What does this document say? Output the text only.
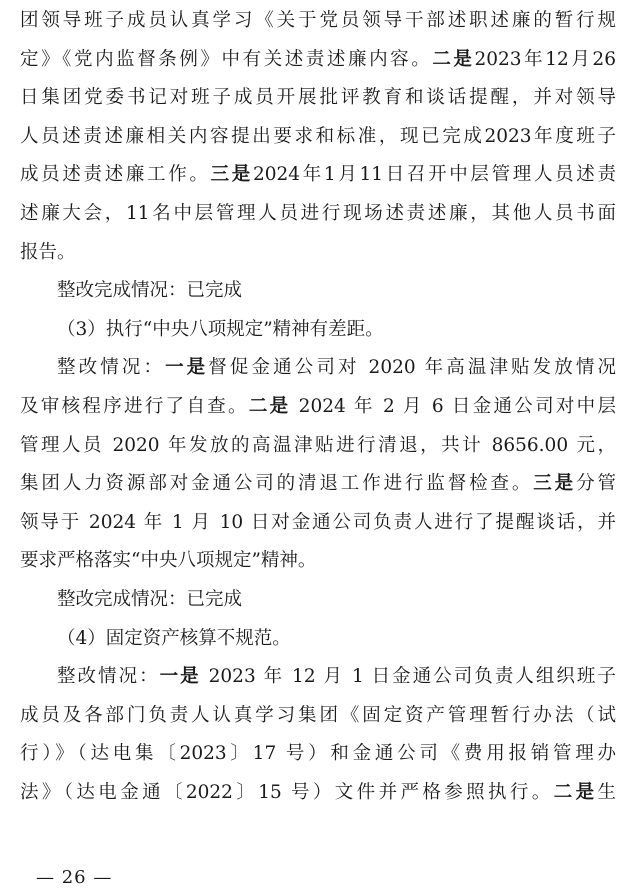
团领导班子成员认真学习《关于党员领导干部述职述廉的暂行规
定》《党内监督条例》中有关述责述廉内容。二是2023年12月26
日集团党委书记对班子成员开展批评教育和谈话提醒，并对领导
人员述责述廉相关内容提出要求和标准，现已完成2023年度班子
成员述责述廉工作。三是2024年1月11日召开中层管理人员述责
述廉大会，11名中层管理人员进行现场述责述廉，其他人员书面
报告。
整改完成情况：已完成
（3）执行“中央八项规定”精神有差距。
整改情况：一是督促金通公司对 2020 年高温津贴发放情况
及审核程序进行了自查。二是 2024 年 2 月 6 日金通公司对中层
管理人员 2020 年发放的高温津贴进行清退，共计 8656.00 元，
集团人力资源部对金通公司的清退工作进行监督检查。三是分管
领导于 2024 年 1 月 10 日对金通公司负责人进行了提醒谈话，并
要求严格落实“中央八项规定”精神。
整改完成情况：已完成
（4）固定资产核算不规范。
整改情况：一是 2023 年 12 月 1 日金通公司负责人组织班子
成员及各部门负责人认真学习集团《固定资产管理暂行办法（试
行）》（达电集〔2023〕17 号）和金通公司《费用报销管理办
法》（达电金通〔2022〕15 号）文件并严格参照执行。二是生
— 26 —
